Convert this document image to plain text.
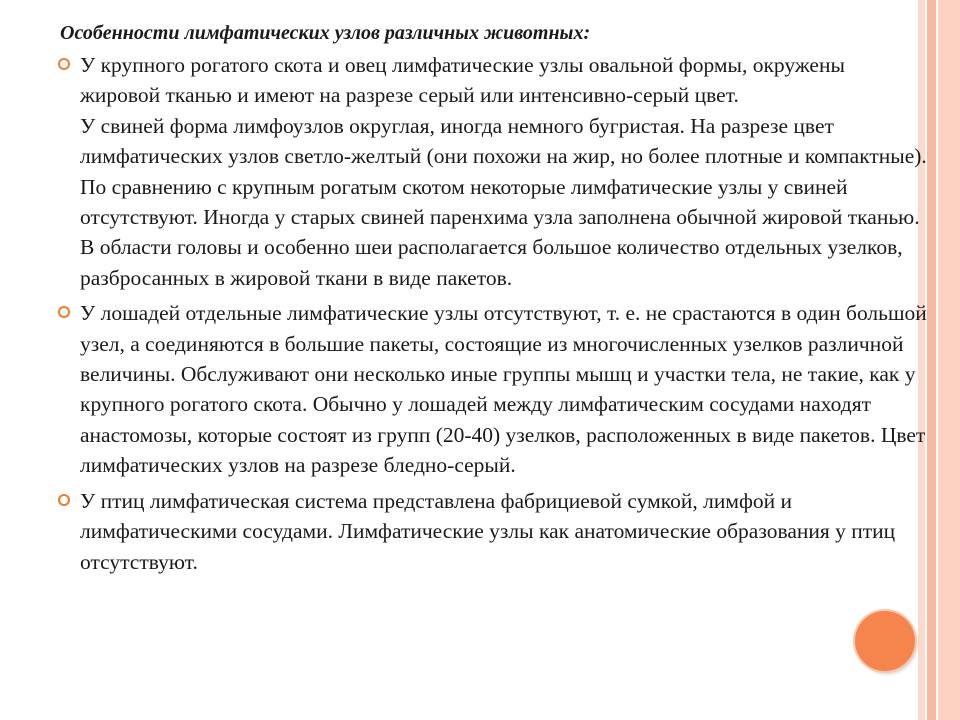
Особенности лимфатических узлов различных животных:
У крупного рогатого скота и овец лимфатические узлы овальной формы, окружены жировой тканью и имеют на разрезе серый или интенсивно-серый цвет.
У свиней форма лимфоузлов округлая, иногда немного бугристая. На разрезе цвет лимфатических узлов светло-желтый (они похожи на жир, но более плотные и компактные). По сравнению с крупным рогатым скотом некоторые лимфатические узлы у свиней отсутствуют. Иногда у старых свиней паренхима узла заполнена обычной жировой тканью. В области головы и особенно шеи располагается большое количество отдельных узелков, разбросанных в жировой ткани в виде пакетов.
У лошадей отдельные лимфатические узлы отсутствуют, т. е. не срастаются в один большой узел, а соединяются в большие пакеты, состоящие из многочисленных узелков различной величины. Обслуживают они несколько иные группы мышц и участки тела, не такие, как у крупного рогатого скота. Обычно у лошадей между лимфатическим сосудами находят анастомозы, которые состоят из групп (20-40) узелков, расположенных в виде пакетов. Цвет лимфатических узлов на разрезе бледно-серый.
У птиц лимфатическая система представлена фабрициевой сумкой, лимфой и лимфатическими сосудами. Лимфатические узлы как анатомические образования у птиц отсутствуют.
